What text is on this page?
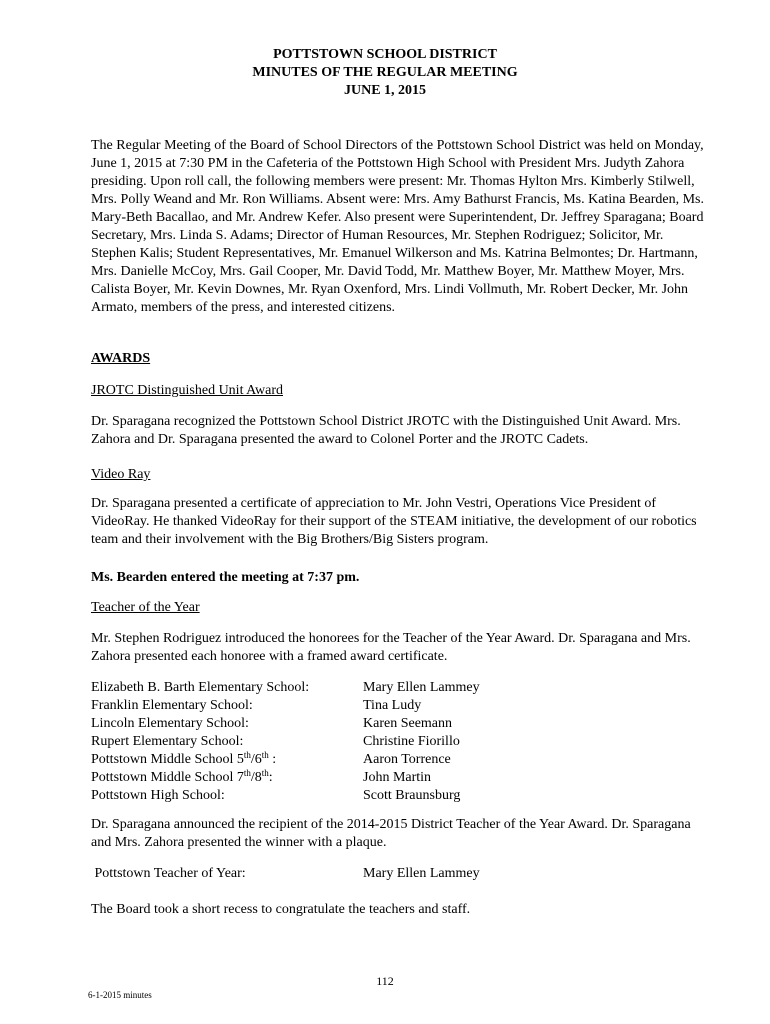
POTTSTOWN SCHOOL DISTRICT
MINUTES OF THE REGULAR MEETING
JUNE 1, 2015
The Regular Meeting of the Board of School Directors of the Pottstown School District was held on Monday, June 1, 2015 at 7:30 PM in the Cafeteria of the Pottstown High School with President Mrs. Judyth Zahora presiding. Upon roll call, the following members were present: Mr. Thomas Hylton Mrs. Kimberly Stilwell, Mrs. Polly Weand and Mr. Ron Williams. Absent were: Mrs. Amy Bathurst Francis, Ms. Katina Bearden, Ms. Mary-Beth Bacallao, and Mr. Andrew Kefer. Also present were Superintendent, Dr. Jeffrey Sparagana; Board Secretary, Mrs. Linda S. Adams; Director of Human Resources, Mr. Stephen Rodriguez; Solicitor, Mr. Stephen Kalis; Student Representatives, Mr. Emanuel Wilkerson and Ms. Katrina Belmontes; Dr. Hartmann, Mrs. Danielle McCoy, Mrs. Gail Cooper, Mr. David Todd, Mr. Matthew Boyer, Mr. Matthew Moyer, Mrs. Calista Boyer, Mr. Kevin Downes, Mr. Ryan Oxenford, Mrs. Lindi Vollmuth, Mr. Robert Decker, Mr. John Armato, members of the press, and interested citizens.
AWARDS
JROTC Distinguished Unit Award
Dr. Sparagana recognized the Pottstown School District JROTC with the Distinguished Unit Award. Mrs. Zahora and Dr. Sparagana presented the award to Colonel Porter and the JROTC Cadets.
Video Ray
Dr. Sparagana presented a certificate of appreciation to Mr. John Vestri, Operations Vice President of VideoRay. He thanked VideoRay for their support of the STEAM initiative, the development of our robotics team and their involvement with the Big Brothers/Big Sisters program.
Ms. Bearden entered the meeting at 7:37 pm.
Teacher of the Year
Mr. Stephen Rodriguez introduced the honorees for the Teacher of the Year Award. Dr. Sparagana and Mrs. Zahora presented each honoree with a framed award certificate.
Elizabeth B. Barth Elementary School:	Mary Ellen Lammey
Franklin Elementary School:	Tina Ludy
Lincoln Elementary School:	Karen Seemann
Rupert Elementary School:	Christine Fiorillo
Pottstown Middle School 5th/6th :	Aaron Torrence
Pottstown Middle School 7th/8th:	John Martin
Pottstown High School:	Scott Braunsburg
Dr. Sparagana announced the recipient of the 2014-2015 District Teacher of the Year Award. Dr. Sparagana and Mrs. Zahora presented the winner with a plaque.
Pottstown Teacher of Year:	Mary Ellen Lammey
The Board took a short recess to congratulate the teachers and staff.
112
6-1-2015 minutes
